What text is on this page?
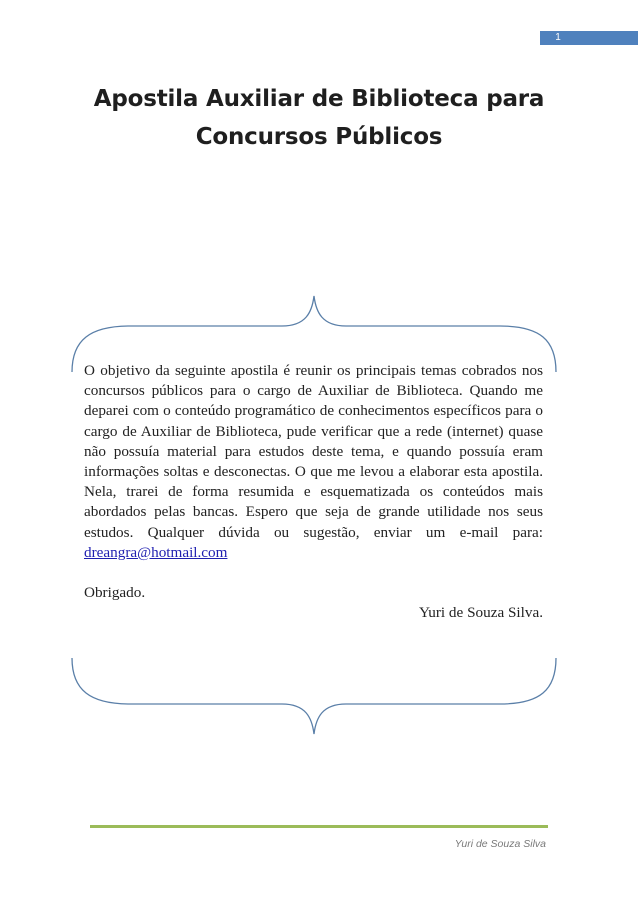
1
Apostila Auxiliar de Biblioteca para
Concursos Públicos

O objetivo da seguinte apostila é reunir os principais temas cobrados nos concursos públicos para o cargo de Auxiliar de Biblioteca. Quando me deparei com o conteúdo programático de conhecimentos específicos para o cargo de Auxiliar de Biblioteca, pude verificar que a rede (internet) quase não possuía material para estudos deste tema, e quando possuía eram informações soltas e desconectas. O que me levou a elaborar esta apostila. Nela, trarei de forma resumida e esquematizada os conteúdos mais abordados pelas bancas. Espero que seja de grande utilidade nos seus estudos. Qualquer dúvida ou sugestão, enviar um e-mail para: dreangra@hotmail.com

Obrigado.

Yuri de Souza Silva.

Yuri de Souza Silva
